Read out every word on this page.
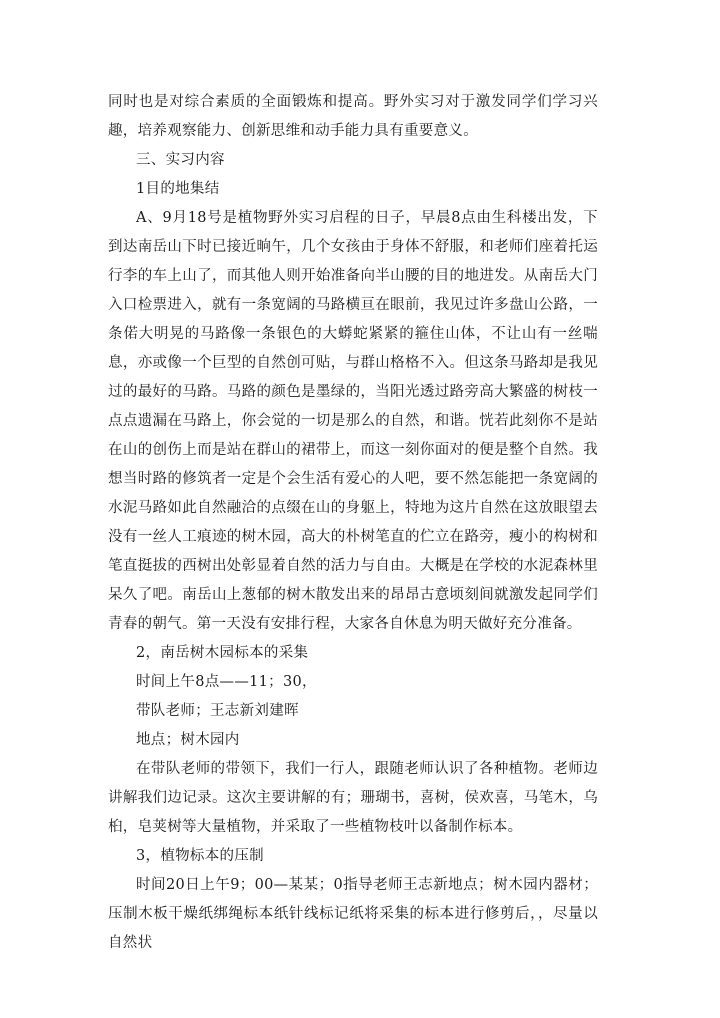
同时也是对综合素质的全面锻炼和提高。野外实习对于激发同学们学习兴趣，培养观察能力、创新思维和动手能力具有重要意义。

三、实习内容

1目的地集结

A、9月18号是植物野外实习启程的日子，早晨8点由生科楼出发，下到达南岳山下时已接近晌午，几个女孩由于身体不舒服，和老师们座着托运行李的车上山了，而其他人则开始准备向半山腰的目的地进发。从南岳大门入口检票进入，就有一条宽阔的马路横亘在眼前，我见过许多盘山公路，一条偌大明晃的马路像一条银色的大蟒蛇紧紧的箍住山体，不让山有一丝喘息，亦或像一个巨型的自然创可贴，与群山格格不入。但这条马路却是我见过的最好的马路。马路的颜色是墨绿的，当阳光透过路旁高大繁盛的树枝一点点遗漏在马路上，你会觉的一切是那么的自然，和谐。恍若此刻你不是站在山的创伤上而是站在群山的裙带上，而这一刻你面对的便是整个自然。我想当时路的修筑者一定是个会生活有爱心的人吧，要不然怎能把一条宽阔的水泥马路如此自然融洽的点缀在山的身躯上，特地为这片自然在这放眼望去没有一丝人工痕迹的树木园，高大的朴树笔直的伫立在路旁，瘦小的构树和笔直挺拔的西树出处彰显着自然的活力与自由。大概是在学校的水泥森林里呆久了吧。南岳山上葱郁的树木散发出来的昂昂古意顷刻间就激发起同学们青春的朝气。第一天没有安排行程，大家各自休息为明天做好充分准备。

2，南岳树木园标本的采集

时间上午8点——11；30，

带队老师；王志新刘建晖

地点；树木园内

在带队老师的带领下，我们一行人，跟随老师认识了各种植物。老师边讲解我们边记录。这次主要讲解的有；珊瑚书，喜树，侯欢喜，马笔木，乌桕，皂荚树等大量植物，并采取了一些植物枝叶以备制作标本。

3，植物标本的压制

时间20日上午9；00—某某；0指导老师王志新地点；树木园内器材；压制木板干燥纸绑绳标本纸针线标记纸将采集的标本进行修剪后，，尽量以自然状
